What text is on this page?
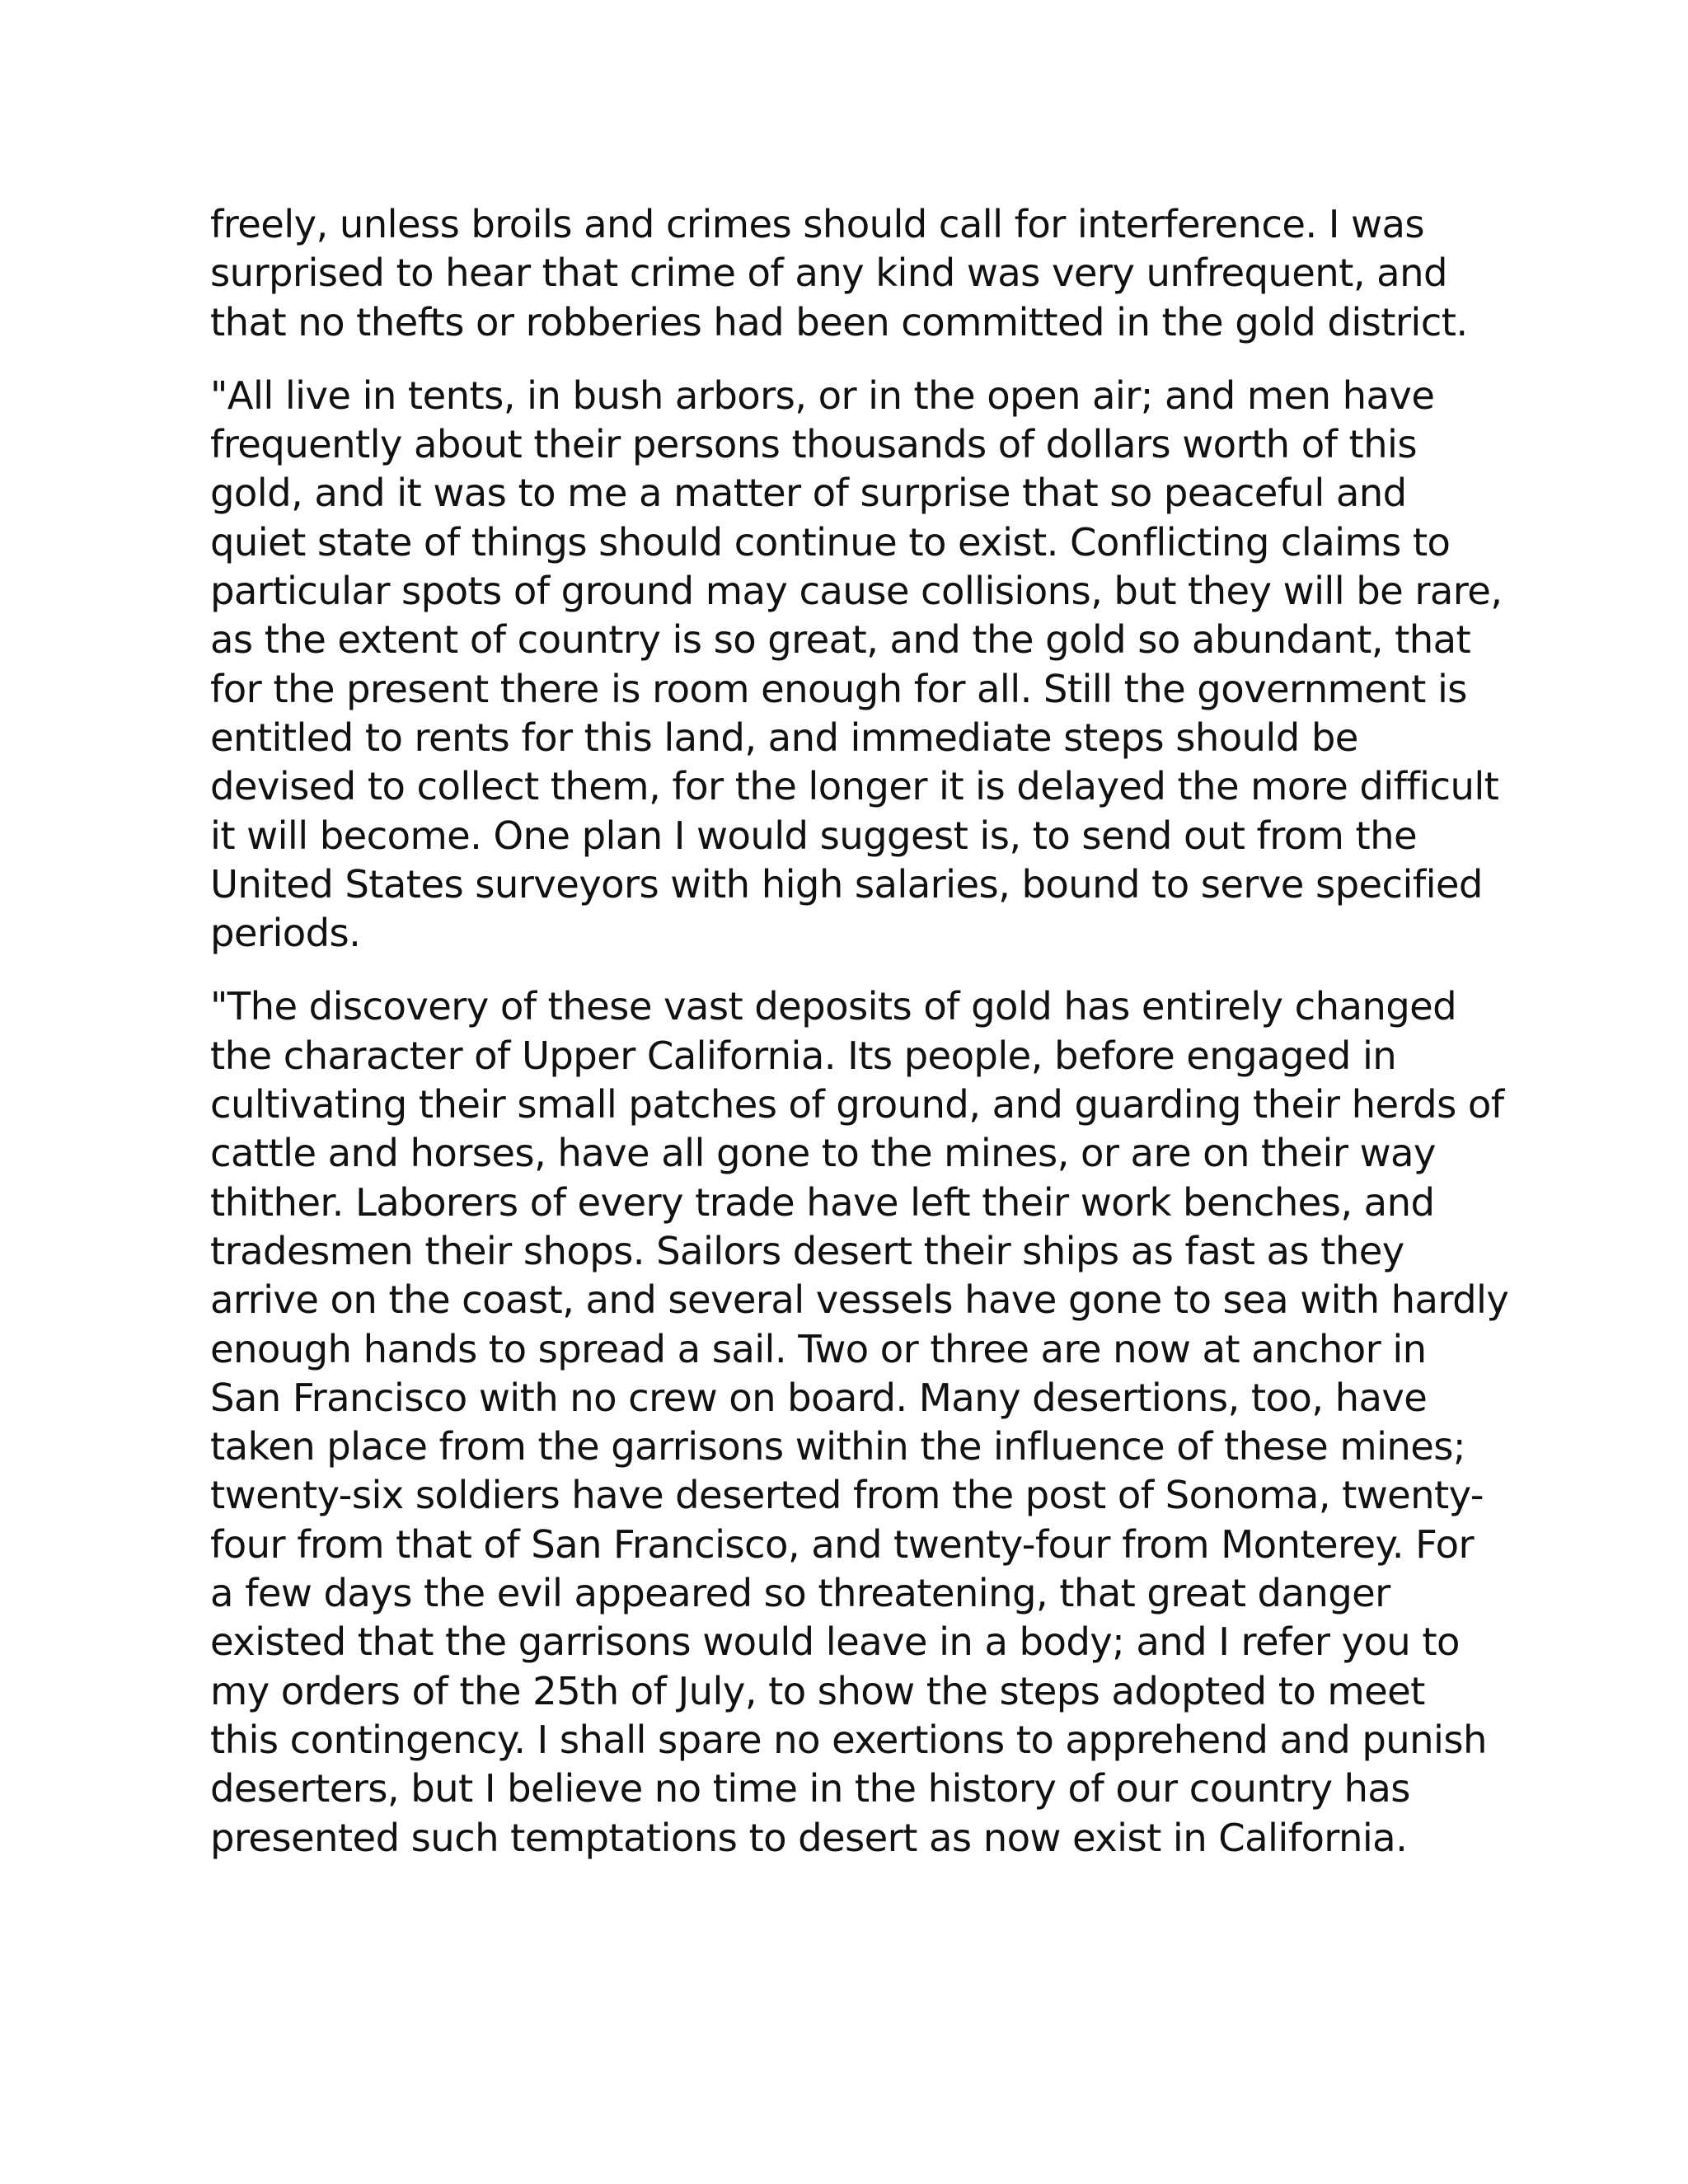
freely, unless broils and crimes should call for interference. I was
surprised to hear that crime of any kind was very unfrequent, and
that no thefts or robberies had been committed in the gold district.

"All live in tents, in bush arbors, or in the open air; and men have
frequently about their persons thousands of dollars worth of this
gold, and it was to me a matter of surprise that so peaceful and
quiet state of things should continue to exist. Conflicting claims to
particular spots of ground may cause collisions, but they will be rare,
as the extent of country is so great, and the gold so abundant, that
for the present there is room enough for all. Still the government is
entitled to rents for this land, and immediate steps should be
devised to collect them, for the longer it is delayed the more difficult
it will become. One plan I would suggest is, to send out from the
United States surveyors with high salaries, bound to serve specified
periods.

"The discovery of these vast deposits of gold has entirely changed
the character of Upper California. Its people, before engaged in
cultivating their small patches of ground, and guarding their herds of
cattle and horses, have all gone to the mines, or are on their way
thither. Laborers of every trade have left their work benches, and
tradesmen their shops. Sailors desert their ships as fast as they
arrive on the coast, and several vessels have gone to sea with hardly
enough hands to spread a sail. Two or three are now at anchor in
San Francisco with no crew on board. Many desertions, too, have
taken place from the garrisons within the influence of these mines;
twenty-six soldiers have deserted from the post of Sonoma, twenty-
four from that of San Francisco, and twenty-four from Monterey. For
a few days the evil appeared so threatening, that great danger
existed that the garrisons would leave in a body; and I refer you to
my orders of the 25th of July, to show the steps adopted to meet
this contingency. I shall spare no exertions to apprehend and punish
deserters, but I believe no time in the history of our country has
presented such temptations to desert as now exist in California.
